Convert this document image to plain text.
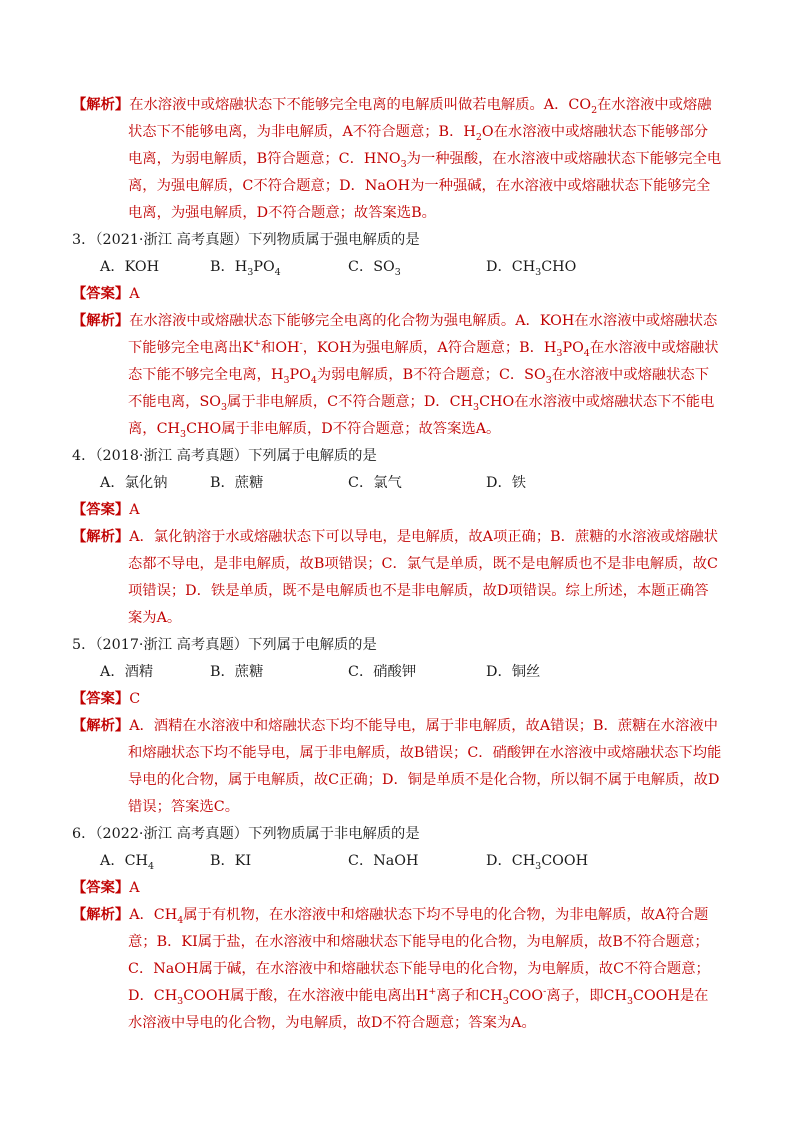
【解析】在水溶液中或熔融状态下不能够完全电离的电解质叫做若电解质。A．$CO_2$在水溶液中或熔融状态下不能够电离，为非电解质，A不符合题意；B．$H_2O$在水溶液中或熔融状态下能够部分电离，为弱电解质，B符合题意；C．$HNO_3$为一种强酸，在水溶液中或熔融状态下能够完全电离，为强电解质，C不符合题意；D．NaOH为一种强碱，在水溶液中或熔融状态下能够完全电离，为强电解质，D不符合题意；故答案选B。

3．（2021·浙江 高考真题）下列物质属于强电解质的是

A．KOH	B．$H_3PO_4$	C．$SO_3$	D．$CH_3CHO$

【答案】A

【解析】在水溶液中或熔融状态下能够完全电离的化合物为强电解质。A．KOH在水溶液中或熔融状态下能够完全电离出K+和OH-，KOH为强电解质，A符合题意；B．$H_3PO_4$在水溶液中或熔融状态下能不够完全电离，$H_3PO_4$为弱电解质，B不符合题意；C．$SO_3$在水溶液中或熔融状态下不能电离，$SO_3$属于非电解质，C不符合题意；D．$CH_3CHO$在水溶液中或熔融状态下不能电离，$CH_3CHO$属于非电解质，D不符合题意；故答案选A。

4．（2018·浙江 高考真题）下列属于电解质的是

A．氯化钠	B．蔗糖	C．氯气	D．铁

【答案】A

【解析】A．氯化钠溶于水或熔融状态下可以导电，是电解质，故A项正确；B．蔗糖的水溶液或熔融状态都不导电，是非电解质，故B项错误；C．氯气是单质，既不是电解质也不是非电解质，故C项错误；D．铁是单质，既不是电解质也不是非电解质，故D项错误。综上所述，本题正确答案为A。

5．（2017·浙江 高考真题）下列属于电解质的是

A．酒精	B．蔗糖	C．硝酸钾	D．铜丝

【答案】C

【解析】A．酒精在水溶液中和熔融状态下均不能导电，属于非电解质，故A错误；B．蔗糖在水溶液中和熔融状态下均不能导电，属于非电解质，故B错误；C．硝酸钾在水溶液中或熔融状态下均能导电的化合物，属于电解质，故C正确；D．铜是单质不是化合物，所以铜不属于电解质，故D错误；答案选C。

6．（2022·浙江 高考真题）下列物质属于非电解质的是

A．$CH_4$	B．KI	C．NaOH	D．$CH_3COOH$

【答案】A

【解析】A．$CH_4$属于有机物，在水溶液中和熔融状态下均不导电的化合物，为非电解质，故A符合题意；B．KI属于盐，在水溶液中和熔融状态下能导电的化合物，为电解质，故B不符合题意；
C．NaOH属于碱，在水溶液中和熔融状态下能导电的化合物，为电解质，故C不符合题意；
D．$CH_3COOH$属于酸，在水溶液中能电离出H+离子和$CH_3COO^-$离子，即$CH_3COOH$是在水溶液中导电的化合物，为电解质，故D不符合题意；答案为A。
